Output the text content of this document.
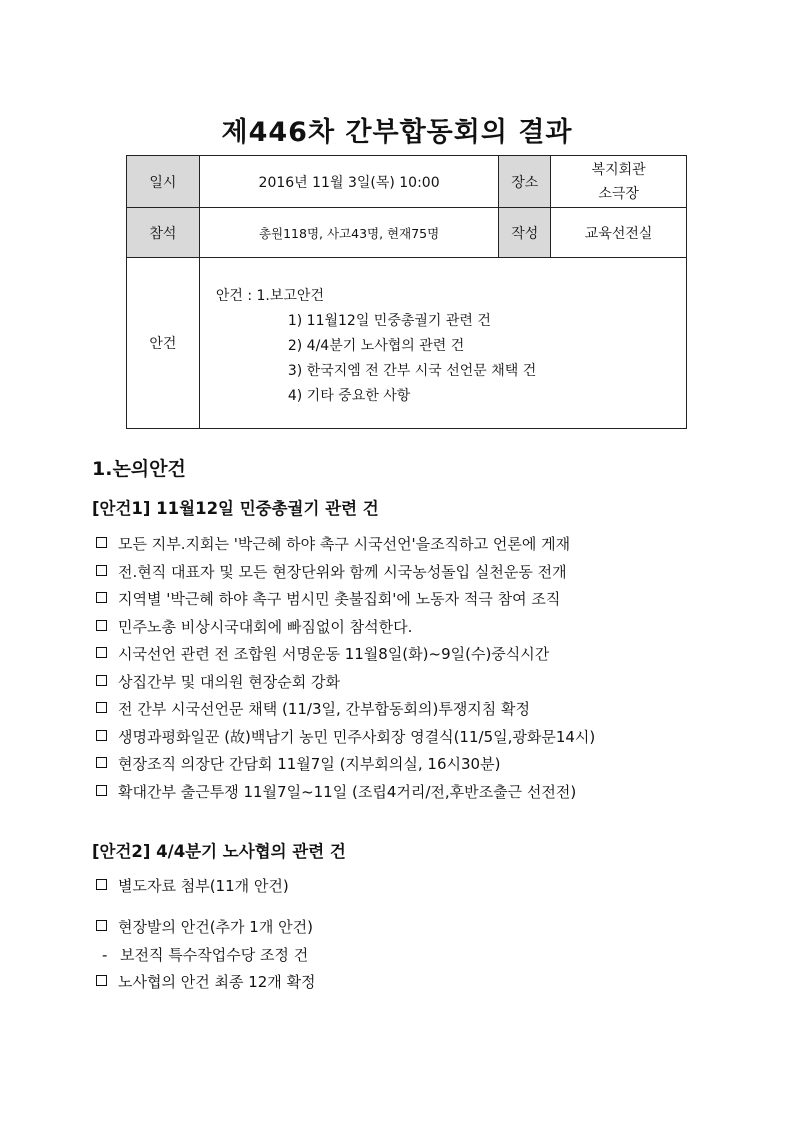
제446차 간부합동회의 결과
일시	2016년 11월 3일(목) 10:00	장소	복지회관
소극장

참석	총원118명, 사고43명, 현재75명	작성	교육선전실
안건	안건 : 1.보고안건
1) 11월12일 민중총궐기 관련 건
2) 4/4분기 노사협의 관련 건
3) 한국지엠 전 간부 시국 선언문 채택 건
4) 기타 중요한 사항		
1.논의안건
[안건1] 11월12일 민중총궐기 관련 건
모든 지부.지회는 '박근혜 하야 촉구 시국선언'을조직하고 언론에 게재
전.현직 대표자 및 모든 현장단위와 함께 시국농성돌입 실천운동 전개
지역별 '박근혜 하야 촉구 범시민 촛불집회'에 노동자 적극 참여 조직
민주노총 비상시국대회에 빠짐없이 참석한다.
시국선언 관련 전 조합원 서명운동 11월8일(화)~9일(수)중식시간
상집간부 및 대의원 현장순회 강화
전 간부 시국선언문 채택 (11/3일, 간부합동회의)투쟁지침 확정
생명과평화일꾼 (故)백남기 농민 민주사회장 영결식(11/5일,광화문14시)
현장조직 의장단 간담회 11월7일 (지부회의실, 16시30분)
확대간부 출근투쟁 11월7일~11일 (조립4거리/전,후반조출근 선전전)
[안건2] 4/4분기 노사협의 관련 건
별도자료 첨부(11개 안건)
현장발의 안건(추가 1개 안건)
- 보전직 특수작업수당 조정 건
노사협의 안건 최종 12개 확정
